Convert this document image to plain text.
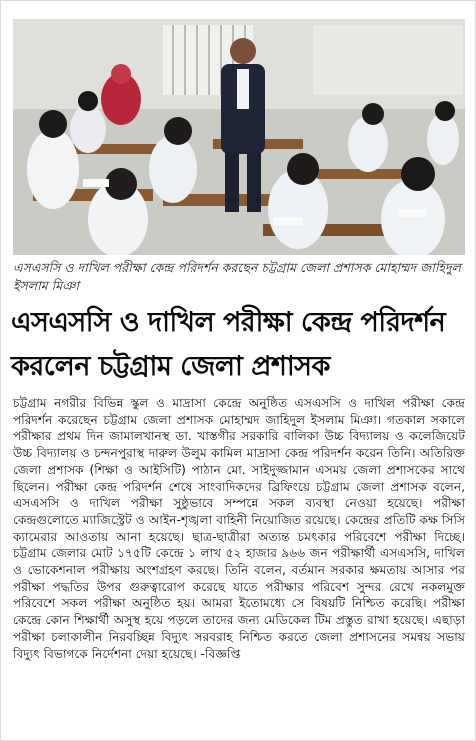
এসএসসি ও দাখিল পরীক্ষা কেন্দ্র পরিদর্শন করছেন চট্টগ্রাম জেলা প্রশাসক মোহাম্মদ জাহিদুল ইসলাম মিঞা
এসএসসি ও দাখিল পরীক্ষা কেন্দ্র পরিদর্শন করলেন চট্টগ্রাম জেলা প্রশাসক
চট্টগ্রাম নগরীর বিভিন্ন স্কুল ও মাদ্রাসা কেন্দ্রে অনুষ্ঠিত এসএসসি ও দাখিল পরীক্ষা কেন্দ্র পরিদর্শন করেছেন চট্টগ্রাম জেলা প্রশাসক মোহাম্মদ জাহিদুল ইসলাম মিঞা। গতকাল সকালে পরীক্ষার প্রথম দিন জামালখানস্থ ডা. খাস্তগীর সরকারি বালিকা উচ্চ বিদ্যালয় ও কলেজিয়েট উচ্চ বিদ্যালয় ও চন্দনপুরাস্থ দারুল উলুম কামিল মাদ্রাসা কেন্দ্র পরিদর্শন করেন তিনি। অতিরিক্ত জেলা প্রশাসক (শিক্ষা ও আইসিটি) পাঠান মো. সাইদুজ্জামান এসময় জেলা প্রশাসকের সাথে ছিলেন। পরীক্ষা কেন্দ্র পরিদর্শন শেষে সাংবাদিকদের ব্রিফিংয়ে চট্টগ্রাম জেলা প্রশাসক বলেন, এসএসসি ও দাখিল পরীক্ষা সুষ্ঠুভাবে সম্পন্নে সকল ব্যবস্থা নেওয়া হয়েছে। পরীক্ষা কেন্দ্রগুলোতে ম্যাজিস্ট্রেট ও আইন-শৃঙ্খলা বাহিনী নিয়োজিত রয়েছে। কেন্দ্রের প্রতিটি কক্ষ সিসি ক্যামেরার আওতায় আনা হয়েছে। ছাত্র-ছাত্রীরা অত্যন্ত চমৎকার পরিবেশে পরীক্ষা দিচ্ছে। চট্টগ্রাম জেলার মোট ১৭৫টি কেন্দ্রে ১ লাখ ৫২ হাজার ৯৬৬ জন পরীক্ষার্থী এসএসসি, দাখিল ও ভোকেশনাল পরীক্ষায় অংশগ্রহণ করছে। তিনি বলেন, বর্তমান সরকার ক্ষমতায় আসার পর পরীক্ষা পদ্ধতির উপর গুরুত্বারোপ করেছে যাতে পরীক্ষার পরিবেশ সুন্দর রেখে নকলমুক্ত পরিবেশে সকল পরীক্ষা অনুষ্ঠিত হয়। আমরা ইতোমধ্যে সে বিষয়টি নিশ্চিত করেছি। পরীক্ষা কেন্দ্রে কোন শিক্ষার্থী অসুস্থ হয়ে পড়লে তাদের জন্য মেডিকেল টিম প্রস্তুত রাখা হয়েছে। এছাড়া পরীক্ষা চলাকালীন নিরবচ্ছিন্ন বিদ্যুৎ সরবরাহ নিশ্চিত করতে জেলা প্রশাসনের সমন্বয় সভায় বিদ্যুৎ বিভাগকে নির্দেশনা দেয়া হয়েছে। -বিজ্ঞপ্তি
